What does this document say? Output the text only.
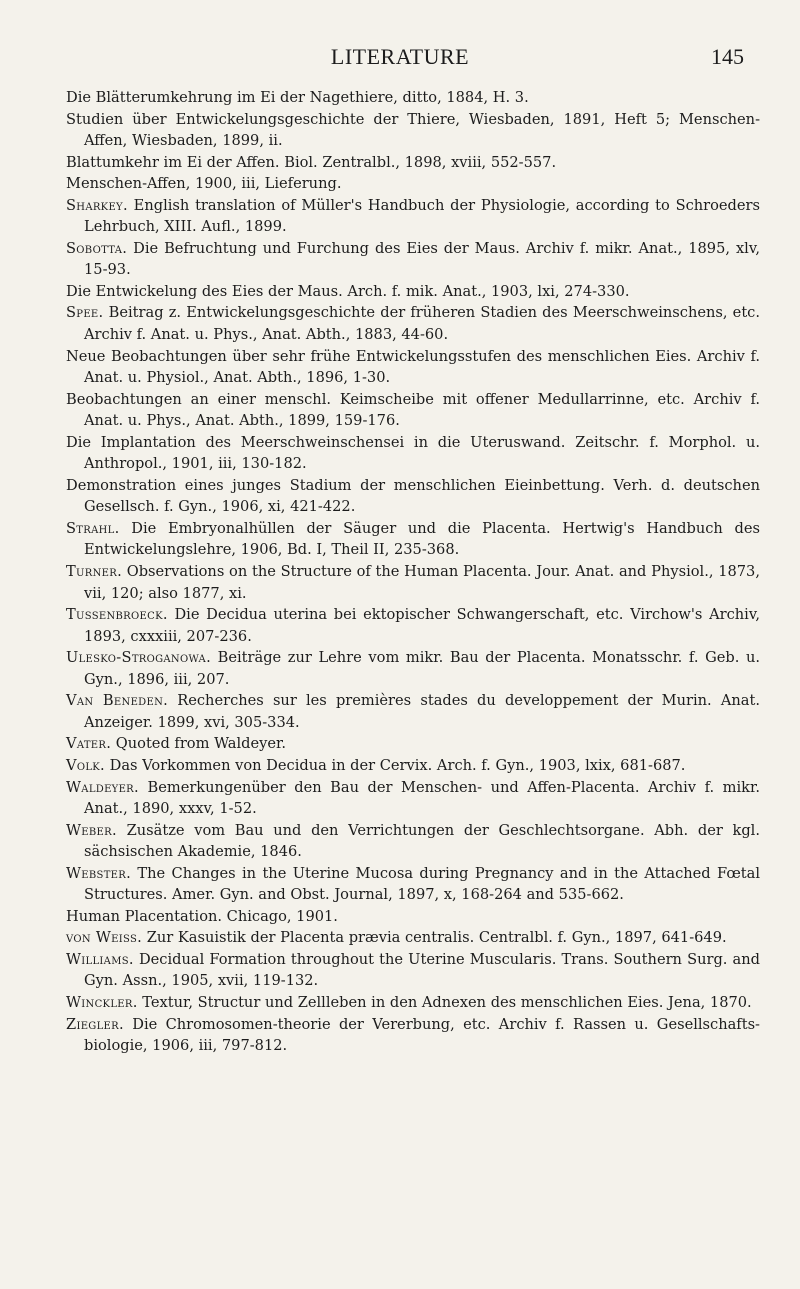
LITERATURE	145

Die Blätterumkehrung im Ei der Nagethiere, ditto, 1884, H. 3.

Studien über Entwickelungsgeschichte der Thiere, Wiesbaden, 1891, Heft 5; Menschen-Affen, Wiesbaden, 1899, ii.

Blattumkehr im Ei der Affen. Biol. Zentralbl., 1898, xviii, 552-557.

Menschen-Affen, 1900, iii, Lieferung.

Sharkey. English translation of Müller's Handbuch der Physiologie, according to Schroeders Lehrbuch, XIII. Aufl., 1899.

Sobotta. Die Befruchtung und Furchung des Eies der Maus. Archiv f. mikr. Anat., 1895, xlv, 15-93.

Die Entwickelung des Eies der Maus. Arch. f. mik. Anat., 1903, lxi, 274-330.

Spee. Beitrag z. Entwickelungsgeschichte der früheren Stadien des Meerschweinschens, etc. Archiv f. Anat. u. Phys., Anat. Abth., 1883, 44-60.

Neue Beobachtungen über sehr frühe Entwickelungsstufen des menschlichen Eies. Archiv f. Anat. u. Physiol., Anat. Abth., 1896, 1-30.

Beobachtungen an einer menschl. Keimscheibe mit offener Medullarrinne, etc. Archiv f. Anat. u. Phys., Anat. Abth., 1899, 159-176.

Die Implantation des Meerschweinschensei in die Uteruswand. Zeitschr. f. Morphol. u. Anthropol., 1901, iii, 130-182.

Demonstration eines junges Stadium der menschlichen Eieinbettung. Verh. d. deutschen Gesellsch. f. Gyn., 1906, xi, 421-422.

Strahl. Die Embryonalhüllen der Säuger und die Placenta. Hertwig's Handbuch des Entwickelungslehre, 1906, Bd. I, Theil II, 235-368.

Turner. Observations on the Structure of the Human Placenta. Jour. Anat. and Physiol., 1873, vii, 120; also 1877, xi.

Tussenbroeck. Die Decidua uterina bei ektopischer Schwangerschaft, etc. Virchow's Archiv, 1893, cxxxiii, 207-236.

Ulesko-Stroganowa. Beiträge zur Lehre vom mikr. Bau der Placenta. Monatsschr. f. Geb. u. Gyn., 1896, iii, 207.

Van Beneden. Recherches sur les premières stades du developpement der Murin. Anat. Anzeiger. 1899, xvi, 305-334.

Vater. Quoted from Waldeyer.

Volk. Das Vorkommen von Decidua in der Cervix. Arch. f. Gyn., 1903, lxix, 681-687.

Waldeyer. Bemerkungenüber den Bau der Menschen- und Affen-Placenta. Archiv f. mikr. Anat., 1890, xxxv, 1-52.

Weber. Zusätze vom Bau und den Verrichtungen der Geschlechtsorgane. Abh. der kgl. sächsischen Akademie, 1846.

Webster. The Changes in the Uterine Mucosa during Pregnancy and in the Attached Fœtal Structures. Amer. Gyn. and Obst. Journal, 1897, x, 168-264 and 535-662.

Human Placentation. Chicago, 1901.

von Weiss. Zur Kasuistik der Placenta prævia centralis. Centralbl. f. Gyn., 1897, 641-649.

Williams. Decidual Formation throughout the Uterine Muscularis. Trans. Southern Surg. and Gyn. Assn., 1905, xvii, 119-132.

Winckler. Textur, Structur und Zellleben in den Adnexen des menschlichen Eies. Jena, 1870.

Ziegler. Die Chromosomen-theorie der Vererbung, etc. Archiv f. Rassen u. Gesellschafts-biologie, 1906, iii, 797-812.
